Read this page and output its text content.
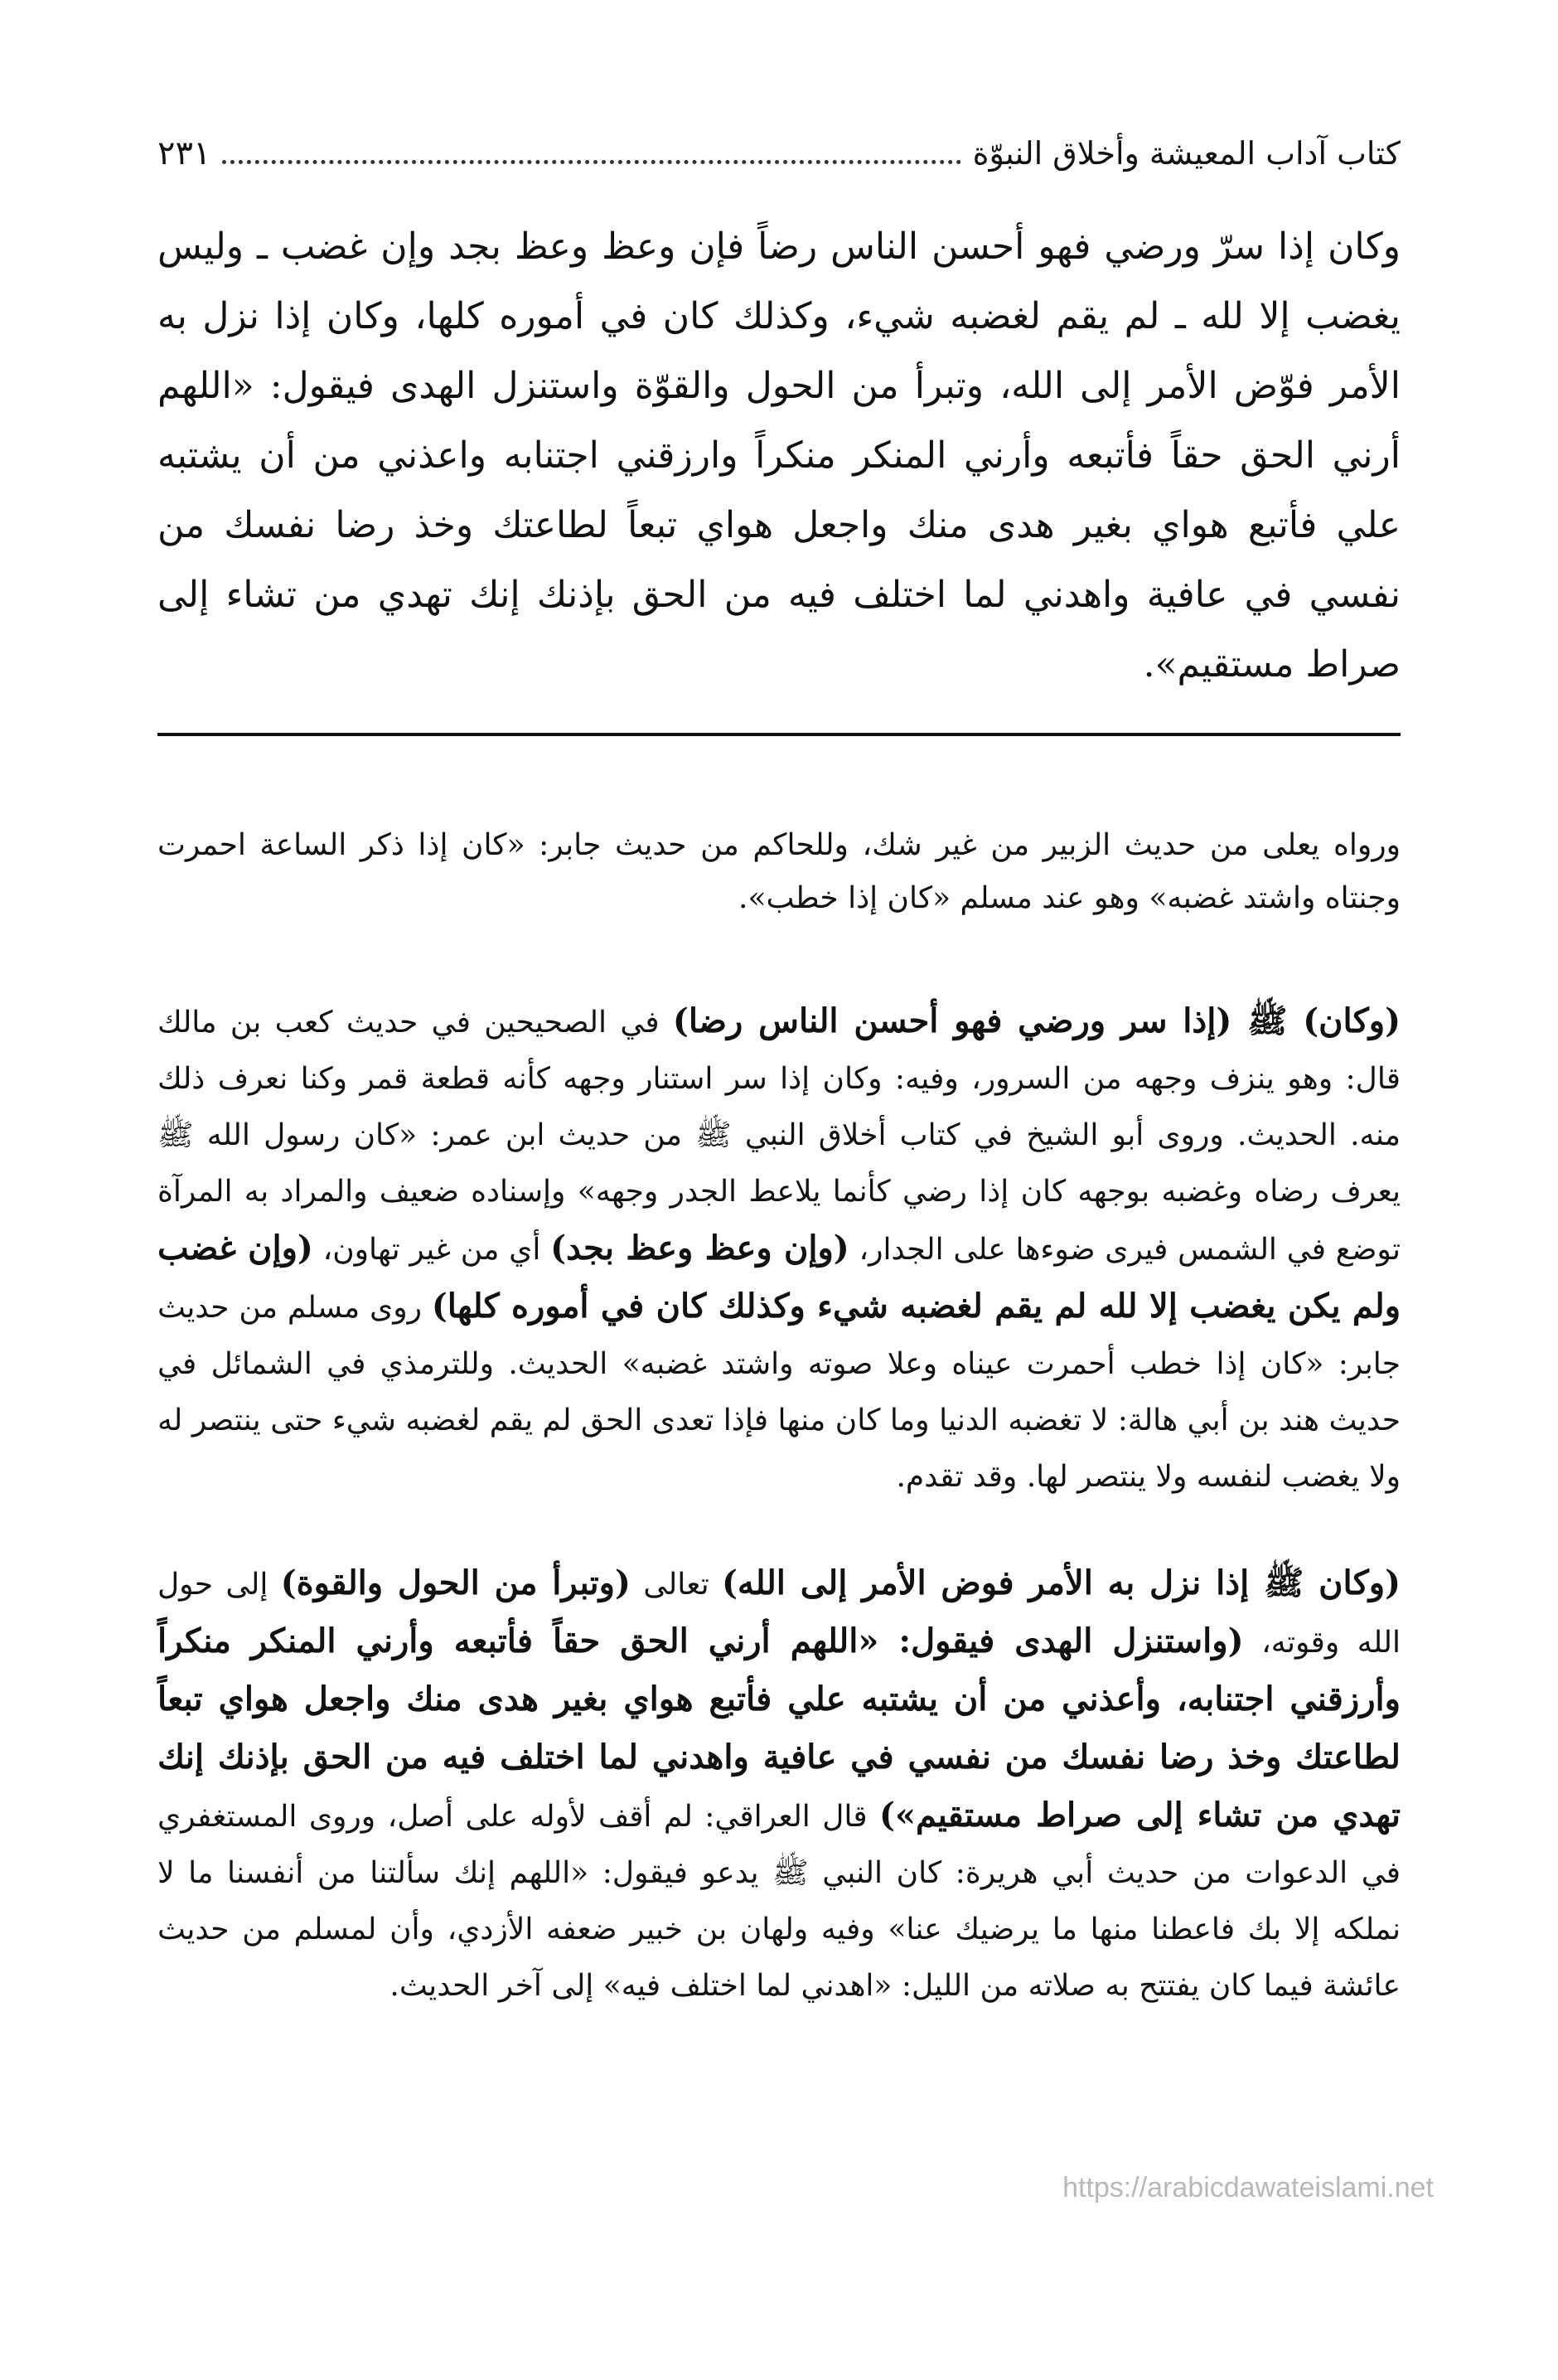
كتاب آداب المعيشة وأخلاق النبوّة
٢٣١
وكان إذا سرّ ورضي فهو أحسن الناس رضاً فإن وعظ وعظ بجد وإن غضب ـ وليس يغضب إلا لله ـ لم يقم لغضبه شيء، وكذلك كان في أموره كلها، وكان إذا نزل به الأمر فوّض الأمر إلى الله، وتبرأ من الحول والقوّة واستنزل الهدى فيقول: «اللهم أرني الحق حقاً فأتبعه وأرني المنكر منكراً وارزقني اجتنابه واعذني من أن يشتبه علي فأتبع هواي بغير هدى منك واجعل هواي تبعاً لطاعتك وخذ رضا نفسك من نفسي في عافية واهدني لما اختلف فيه من الحق بإذنك إنك تهدي من تشاء إلى صراط مستقيم».
ورواه يعلى من حديث الزبير من غير شك، وللحاكم من حديث جابر: «كان إذا ذكر الساعة احمرت وجنتاه واشتد غضبه» وهو عند مسلم «كان إذا خطب».
(وكان) ﷺ (إذا سر ورضي فهو أحسن الناس رضا) في الصحيحين في حديث كعب بن مالك قال: وهو ينزف وجهه من السرور، وفيه: وكان إذا سر استنار وجهه كأنه قطعة قمر وكنا نعرف ذلك منه. الحديث. وروى أبو الشيخ في كتاب أخلاق النبي ﷺ من حديث ابن عمر: «كان رسول الله ﷺ يعرف رضاه وغضبه بوجهه كان إذا رضي كأنما يلاعط الجدر وجهه» وإسناده ضعيف والمراد به المرآة توضع في الشمس فيرى ضوءها على الجدار، (وإن وعظ وعظ بجد) أي من غير تهاون، (وإن غضب ولم يكن يغضب إلا لله لم يقم لغضبه شيء وكذلك كان في أموره كلها) روى مسلم من حديث جابر: «كان إذا خطب أحمرت عيناه وعلا صوته واشتد غضبه» الحديث. وللترمذي في الشمائل في حديث هند بن أبي هالة: لا تغضبه الدنيا وما كان منها فإذا تعدى الحق لم يقم لغضبه شيء حتى ينتصر له ولا يغضب لنفسه ولا ينتصر لها. وقد تقدم.
(وكان ﷺ إذا نزل به الأمر فوض الأمر إلى الله) تعالى (وتبرأ من الحول والقوة) إلى حول الله وقوته، (واستنزل الهدى فيقول: «اللهم أرني الحق حقاً فأتبعه وأرني المنكر منكراً وأرزقني اجتنابه، وأعذني من أن يشتبه علي فأتبع هواي بغير هدى منك واجعل هواي تبعاً لطاعتك وخذ رضا نفسك من نفسي في عافية واهدني لما اختلف فيه من الحق بإذنك إنك تهدي من تشاء إلى صراط مستقيم») قال العراقي: لم أقف لأوله على أصل، وروى المستغفري في الدعوات من حديث أبي هريرة: كان النبي ﷺ يدعو فيقول: «اللهم إنك سألتنا من أنفسنا ما لا نملكه إلا بك فاعطنا منها ما يرضيك عنا» وفيه ولهان بن خبير ضعفه الأزدي، وأن لمسلم من حديث عائشة فيما كان يفتتح به صلاته من الليل: «اهدني لما اختلف فيه» إلى آخر الحديث.
https://arabicdawateislami.net
